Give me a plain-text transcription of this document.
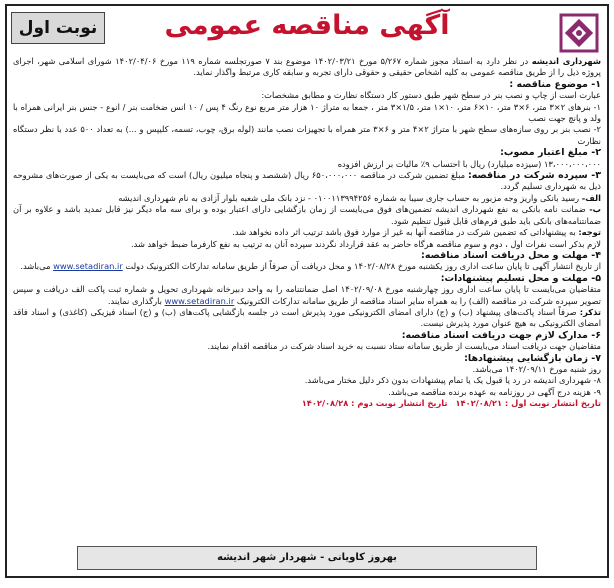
آگهی مناقصه عمومی
نوبت اول

شهرداری اندیشه در نظر دارد به استناد مجوز شماره ۵/۲۶۷ مورخ ۱۴۰۲/۰۳/۲۱ موضوع بند ۷ صورتجلسه شماره ۱۱۹ مورخ ۱۴۰۲/۰۴/۰۶ شورای اسلامی شهر، اجرای پروژه ذیل را از طریق مناقصه عمومی به کلیه اشخاص حقیقی و حقوقی دارای تجربه و سابقه کاری مرتبط واگذار نماید.

۱- موضوع مناقصه :

عبارت است از چاپ و نصب بنر در سطح شهر طبق دستور کار دستگاه نظارت و مطابق مشخصات:

۱- بنرهای ۲×۳ متر، ۶×۳ متر، ۱۰×۶ متر، ۱۰×۱ متر، ۱/۵×۳ متر ، جمعا به متراژ ۱۰ هزار متر مربع نوع رنگ ۴ پس / ۱۰ انس ضخامت بنر / انوع - جنس بنر ایرانی همراه با ولد و پانچ جهت نصب

۲- نصب بنر بر روی سازه‌های سطح شهر با متراژ ۲×۴ متر و ۶×۳ متر همراه با تجهیزات نصب مانند (لوله برق، چوب، تسمه، کلیپس و ...) به تعداد ۵۰۰ عدد با نظر دستگاه نظارت

۲- مبلغ اعتبار مصوب:

۱۳،۰۰۰،۰۰۰،۰۰۰ (سیزده میلیارد) ریال با احتساب ۹٪ مالیات بر ارزش افزوده

۳- سپرده شرکت در مناقصه: مبلغ تضمین شرکت در مناقصه ۶۵۰،۰۰۰،۰۰۰ ریال (ششصد و پنجاه میلیون ریال) است که می‌بایست به یکی از صورت‌های مشروحه ذیل به شهرداری تسلیم گردد.

الف- رسید بانکی واریز وجه مزبور به حساب جاری سیبا به شماره ۰۱۰۰۱۱۳۹۹۴۲۵۶ - نزد بانک ملی شعبه بلوار آزادی به نام شهرداری اندیشه

ب- ضمانت نامه بانکی به نفع شهرداری اندیشه تضمین‌های فوق می‌بایست از زمان بازگشایی دارای اعتبار بوده و برای سه ماه دیگر نیز قابل تمدید باشد و علاوه بر آن ضمانتنامه‌های بانکی باید طبق فرم‌های قابل قبول تنظیم شود.

توجه: به پیشنهاداتی که تضمین شرکت در مناقصه آنها به غیر از موارد فوق باشد ترتیب اثر داده نخواهد شد.

لازم بذکر است نفرات اول ، دوم و سوم مناقصه هرگاه حاضر به عقد قرارداد نگردند سپرده آنان به ترتیب به نفع کارفرما ضبط خواهد شد.

۴- مهلت و محل دریافت اسناد مناقصه:

از تاریخ انتشار آگهی تا پایان ساعت اداری روز یکشنبه مورخ ۱۴۰۲/۰۸/۲۸ و محل دریافت آن صرفاً از طریق سامانه تدارکات الکترونیک دولت www.setadiran.ir می‌باشد.

۵- مهلت و محل تسلیم پیشنهادات:

متقاضیان می‌بایست تا پایان ساعت اداری روز چهارشنبه مورخ ۱۴۰۲/۰۹/۰۸ اصل ضمانتنامه را به واحد دبیرخانه شهرداری تحویل و شماره ثبت پاکت الف دریافت و سپس تصویر سپرده شرکت در مناقصه (الف) را به همراه سایر اسناد مناقصه از طریق سامانه تدارکات الکترونیک www.setadiran.ir بارگذاری نمایند.

تذکر: صرفاً اسناد پاکت‌های پیشنهاد (ب) و (ج) دارای امضای الکترونیکی مورد پذیرش است در جلسه بازگشایی پاکت‌های (ب) و (ج) اسناد فیزیکی (کاغذی) و اسناد فاقد امضای الکترونیکی به هیچ عنوان مورد پذیرش نیست.

۶- مدارک لازم جهت دریافت اسناد مناقصه:

متقاضیان جهت دریافت اسناد می‌بایست از طریق سامانه ستاد نسبت به خرید اسناد شرکت در مناقصه اقدام نمایند.

۷- زمان بازگشایی پیشنهادها:

روز شنبه مورخ ۱۴۰۲/۰۹/۱۱ می‌باشد.

۸- شهرداری اندیشه در رد یا قبول یک یا تمام پیشنهادات بدون ذکر دلیل مختار می‌باشد.

۹- هزینه درج آگهی در روزنامه به عهده برنده مناقصه می‌باشد.

تاریخ انتشار نوبت اول : ۱۴۰۲/۰۸/۲۱   تاریخ انتشار نوبت دوم : ۱۴۰۲/۰۸/۲۸

بهروز کاویانی - شهردار شهر اندیشه
